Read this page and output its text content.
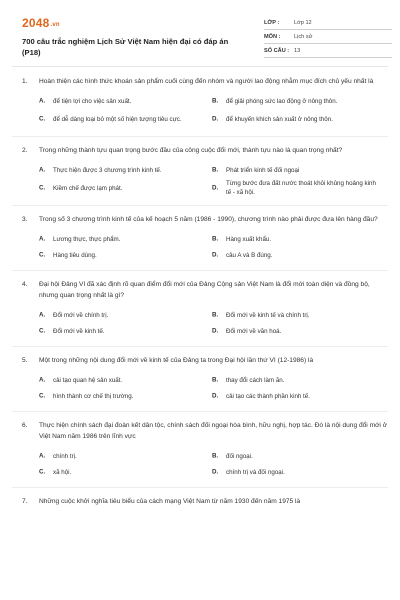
2048.vn
700 câu trắc nghiệm Lịch Sử Việt Nam hiện đại có đáp án (P18)
LỚP :	Lớp 12
MÔN :	Lịch sử
SỐ CÂU : 13
1. Hoàn thiện các hình thức khoán sản phẩm cuối cùng đến nhóm và người lao động nhằm mục đích chủ yếu nhất là
A. để tiện lợi cho việc sản xuất.	B. để giải phóng sức lao động ở nông thôn.
C. để dễ dàng loại bỏ một số hiện tượng tiêu cực.	D. để khuyến khích sản xuất ở nông thôn.
2. Trong những thành tựu quan trọng bước đầu của công cuộc đổi mới, thành tựu nào là quan trọng nhất?
A. Thực hiện được 3 chương trình kinh tế.	B. Phát triển kinh tế đối ngoại
C. Kiềm chế được lạm phát.	D.
Từng bước đưa đất nước thoát khỏi khủng hoảng kinh tế - xã hội.
3. Trong số 3 chương trình kinh tế của kế hoạch 5 năm (1986 - 1990), chương trình nào phải được đưa lên hàng đầu?
A. Lương thực, thực phẩm.	B. Hàng xuất khẩu.
C. Hàng tiêu dùng.	D. câu A và B đúng.
4. Đại hội Đảng VI đã xác định rõ quan điểm đổi mới của Đảng Cộng sản Việt Nam là đổi mới toàn diện và đồng bộ, nhưng quan trọng nhất là gì?
A. Đổi mới về chính trị.	B. Đổi mới về kinh tế và chính trị.
C. Đổi mới về kinh tế.	D. Đổi mới về văn hoá.
5. Một trong những nội dung đổi mới về kinh tế của Đảng ta trong Đại hội lần thứ VI (12-1986) là
A. cải tạo quan hệ sản xuất.	B. thay đổi cách làm ăn.
C. hình thành cơ chế thị trường.	D. cải tạo các thành phần kinh tế.
6. Thực hiện chính sách đại đoàn kết dân tộc, chính sách đối ngoại hòa bình, hữu nghị, hợp tác. Đó là nội dung đổi mới ở Việt Nam năm 1986 trên lĩnh vực
A. chính trị.	B. đối ngoại.
C. xã hội.	D. chính trị và đối ngoại.
7. Những cuộc khởi nghĩa tiêu biểu của cách mạng Việt Nam từ năm 1930 đến năm 1975 là
